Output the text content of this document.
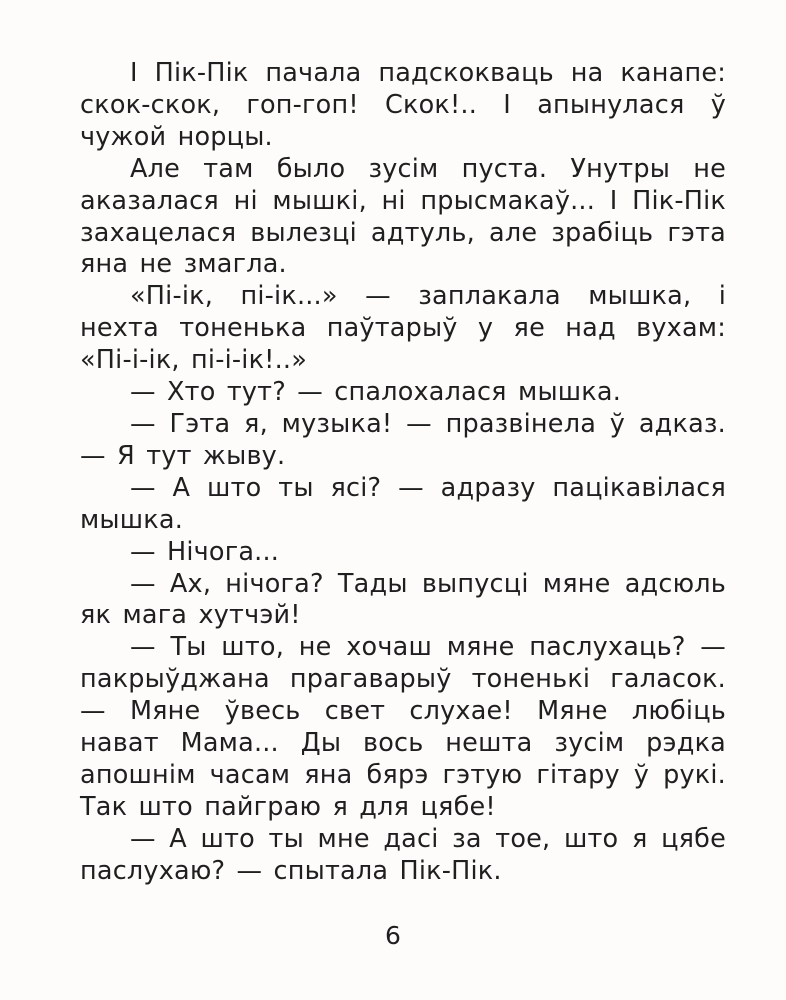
І Пік-Пік пачала падскокваць на канапе: скок-скок, гоп-гоп! Скок!.. І апынулася ў чужой норцы.

Але там было зусім пуста. Унутры не аказалася ні мышкі, ні прысмакаў... І Пік-Пік захацелася вылезці адтуль, але зрабіць гэта яна не змагла.

«Пі-ік, пі-ік...» — заплакала мышка, і нехта тоненька паўтарыў у яе над вухам: «Пі-і-ік, пі-і-ік!..»

— Хто тут? — спалохалася мышка.

— Гэта я, музыка! — празвінела ў адказ. — Я тут жыву.

— А што ты ясі? — адразу пацікавілася мышка.

— Нічога...

— Ах, нічога? Тады выпусці мяне адсюль як мага хутчэй!

— Ты што, не хочаш мяне паслухаць? — пакрыўджана прагаварыў тоненькі галасок. — Мяне ўвесь свет слухае! Мяне любіць нават Мама... Ды вось нешта зусім рэдка апошнім часам яна бярэ гэтую гітару ў рукі. Так што пайграю я для цябе!

— А што ты мне дасі за тое, што я цябе паслухаю? — спытала Пік-Пік.

6
